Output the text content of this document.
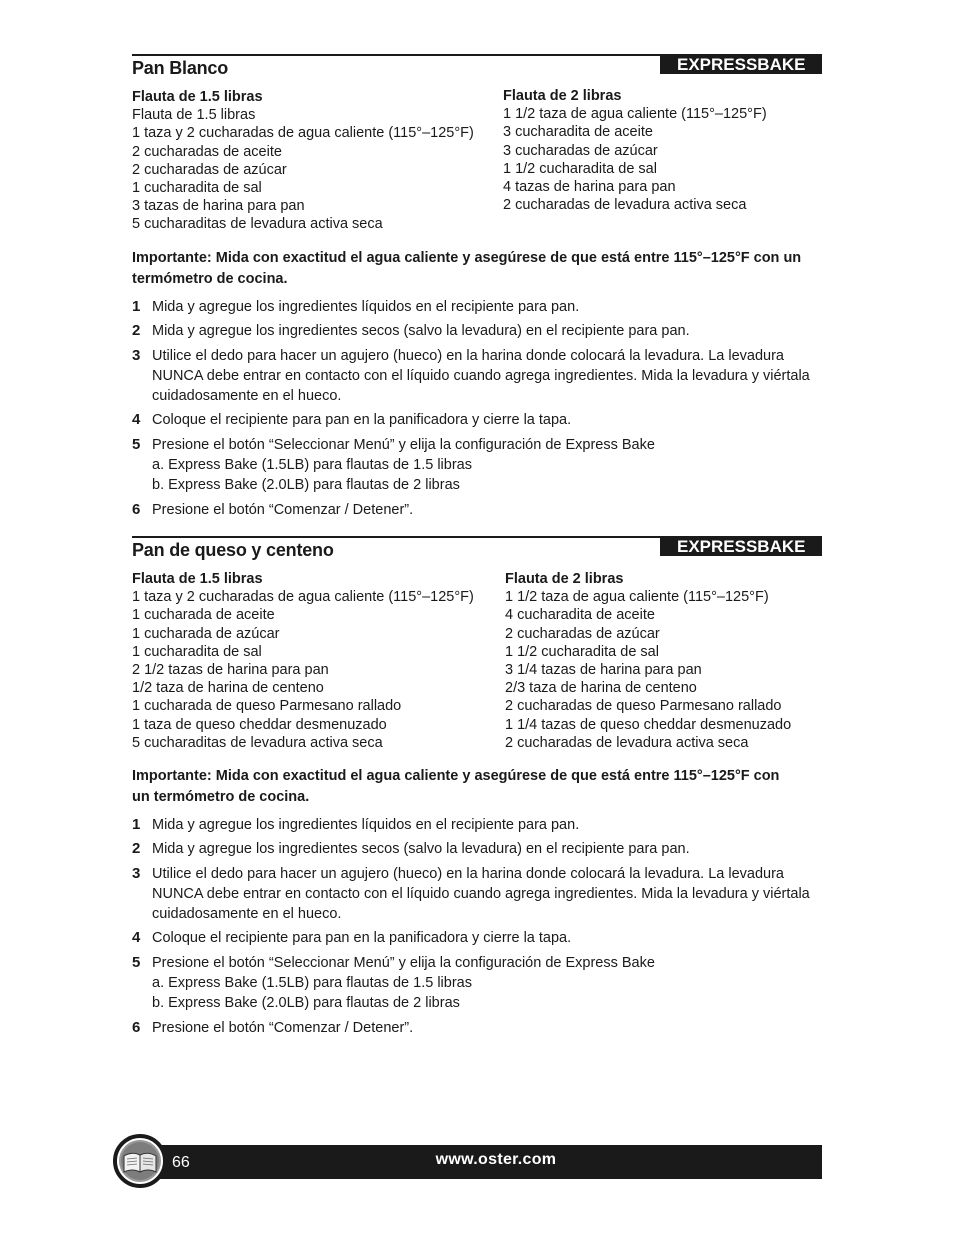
Pan Blanco	EXPRESSBAKE
Flauta de 1.5 libras
Flauta de 1.5 libras
1 taza y 2 cucharadas de agua caliente (115°–125°F)
2 cucharadas de aceite
2 cucharadas de azúcar
1 cucharadita de sal
3 tazas de harina para pan
5 cucharaditas de levadura activa seca
Flauta de 2 libras
1 1/2 taza de agua caliente (115°–125°F)
3 cucharadita de aceite
3 cucharadas de azúcar
1 1/2 cucharadita de sal
4 tazas de harina para pan
2 cucharadas de levadura activa seca
Importante: Mida con exactitud el agua caliente y asegúrese de que está entre 115°–125°F con un termómetro de cocina.
1 Mida y agregue los ingredientes líquidos en el recipiente para pan.
2 Mida y agregue los ingredientes secos (salvo la levadura) en el recipiente para pan.
3 Utilice el dedo para hacer un agujero (hueco) en la harina donde colocará la levadura. La levadura NUNCA debe entrar en contacto con el líquido cuando agrega ingredientes. Mida la levadura y viértala cuidadosamente en el hueco.
4 Coloque el recipiente para pan en la panificadora y cierre la tapa.
5 Presione el botón “Seleccionar Menú” y elija la configuración de Express Bake
a. Express Bake (1.5LB) para flautas de 1.5 libras
b. Express Bake (2.0LB) para flautas de 2 libras
6 Presione el botón “Comenzar / Detener”.
Pan de queso y centeno	EXPRESSBAKE
Flauta de 1.5 libras
1 taza y 2 cucharadas de agua caliente (115°–125°F)
1 cucharada de aceite
1 cucharada de azúcar
1 cucharadita de sal
2 1/2 tazas de harina para pan
1/2 taza de harina de centeno
1 cucharada de queso Parmesano rallado
1 taza de queso cheddar desmenuzado
5 cucharaditas de levadura activa seca
Flauta de 2 libras
1 1/2 taza de agua caliente (115°–125°F)
4 cucharadita de aceite
2 cucharadas de azúcar
1 1/2 cucharadita de sal
3 1/4 tazas de harina para pan
2/3 taza de harina de centeno
2 cucharadas de queso Parmesano rallado
1 1/4 tazas de queso cheddar desmenuzado
2 cucharadas de levadura activa seca
Importante: Mida con exactitud el agua caliente y asegúrese de que está entre 115°–125°F con un termómetro de cocina.
1 Mida y agregue los ingredientes líquidos en el recipiente para pan.
2 Mida y agregue los ingredientes secos (salvo la levadura) en el recipiente para pan.
3 Utilice el dedo para hacer un agujero (hueco) en la harina donde colocará la levadura. La levadura NUNCA debe entrar en contacto con el líquido cuando agrega ingredientes. Mida la levadura y viértala cuidadosamente en el hueco.
4 Coloque el recipiente para pan en la panificadora y cierre la tapa.
5 Presione el botón “Seleccionar Menú” y elija la configuración de Express Bake
a. Express Bake (1.5LB) para flautas de 1.5 libras
b. Express Bake (2.0LB) para flautas de 2 libras
6 Presione el botón “Comenzar / Detener”.
66	www.oster.com
